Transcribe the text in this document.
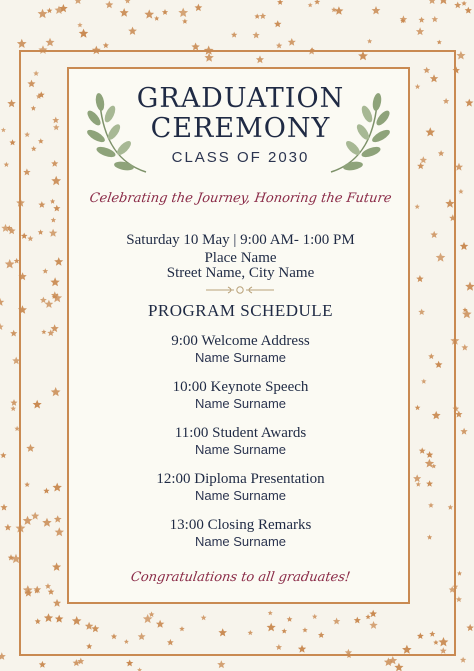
GRADUATION
CEREMONY
CLASS OF 2030
Celebrating the Journey, Honoring the Future
Saturday 10 May | 9:00 AM- 1:00 PM
Place Name
Street Name, City Name
PROGRAM SCHEDULE
9:00 Welcome Address
Name Surname
10:00 Keynote Speech
Name Surname
11:00 Student Awards
Name Surname
12:00 Diploma Presentation
Name Surname
13:00 Closing Remarks
Name Surname
Congratulations to all graduates!
